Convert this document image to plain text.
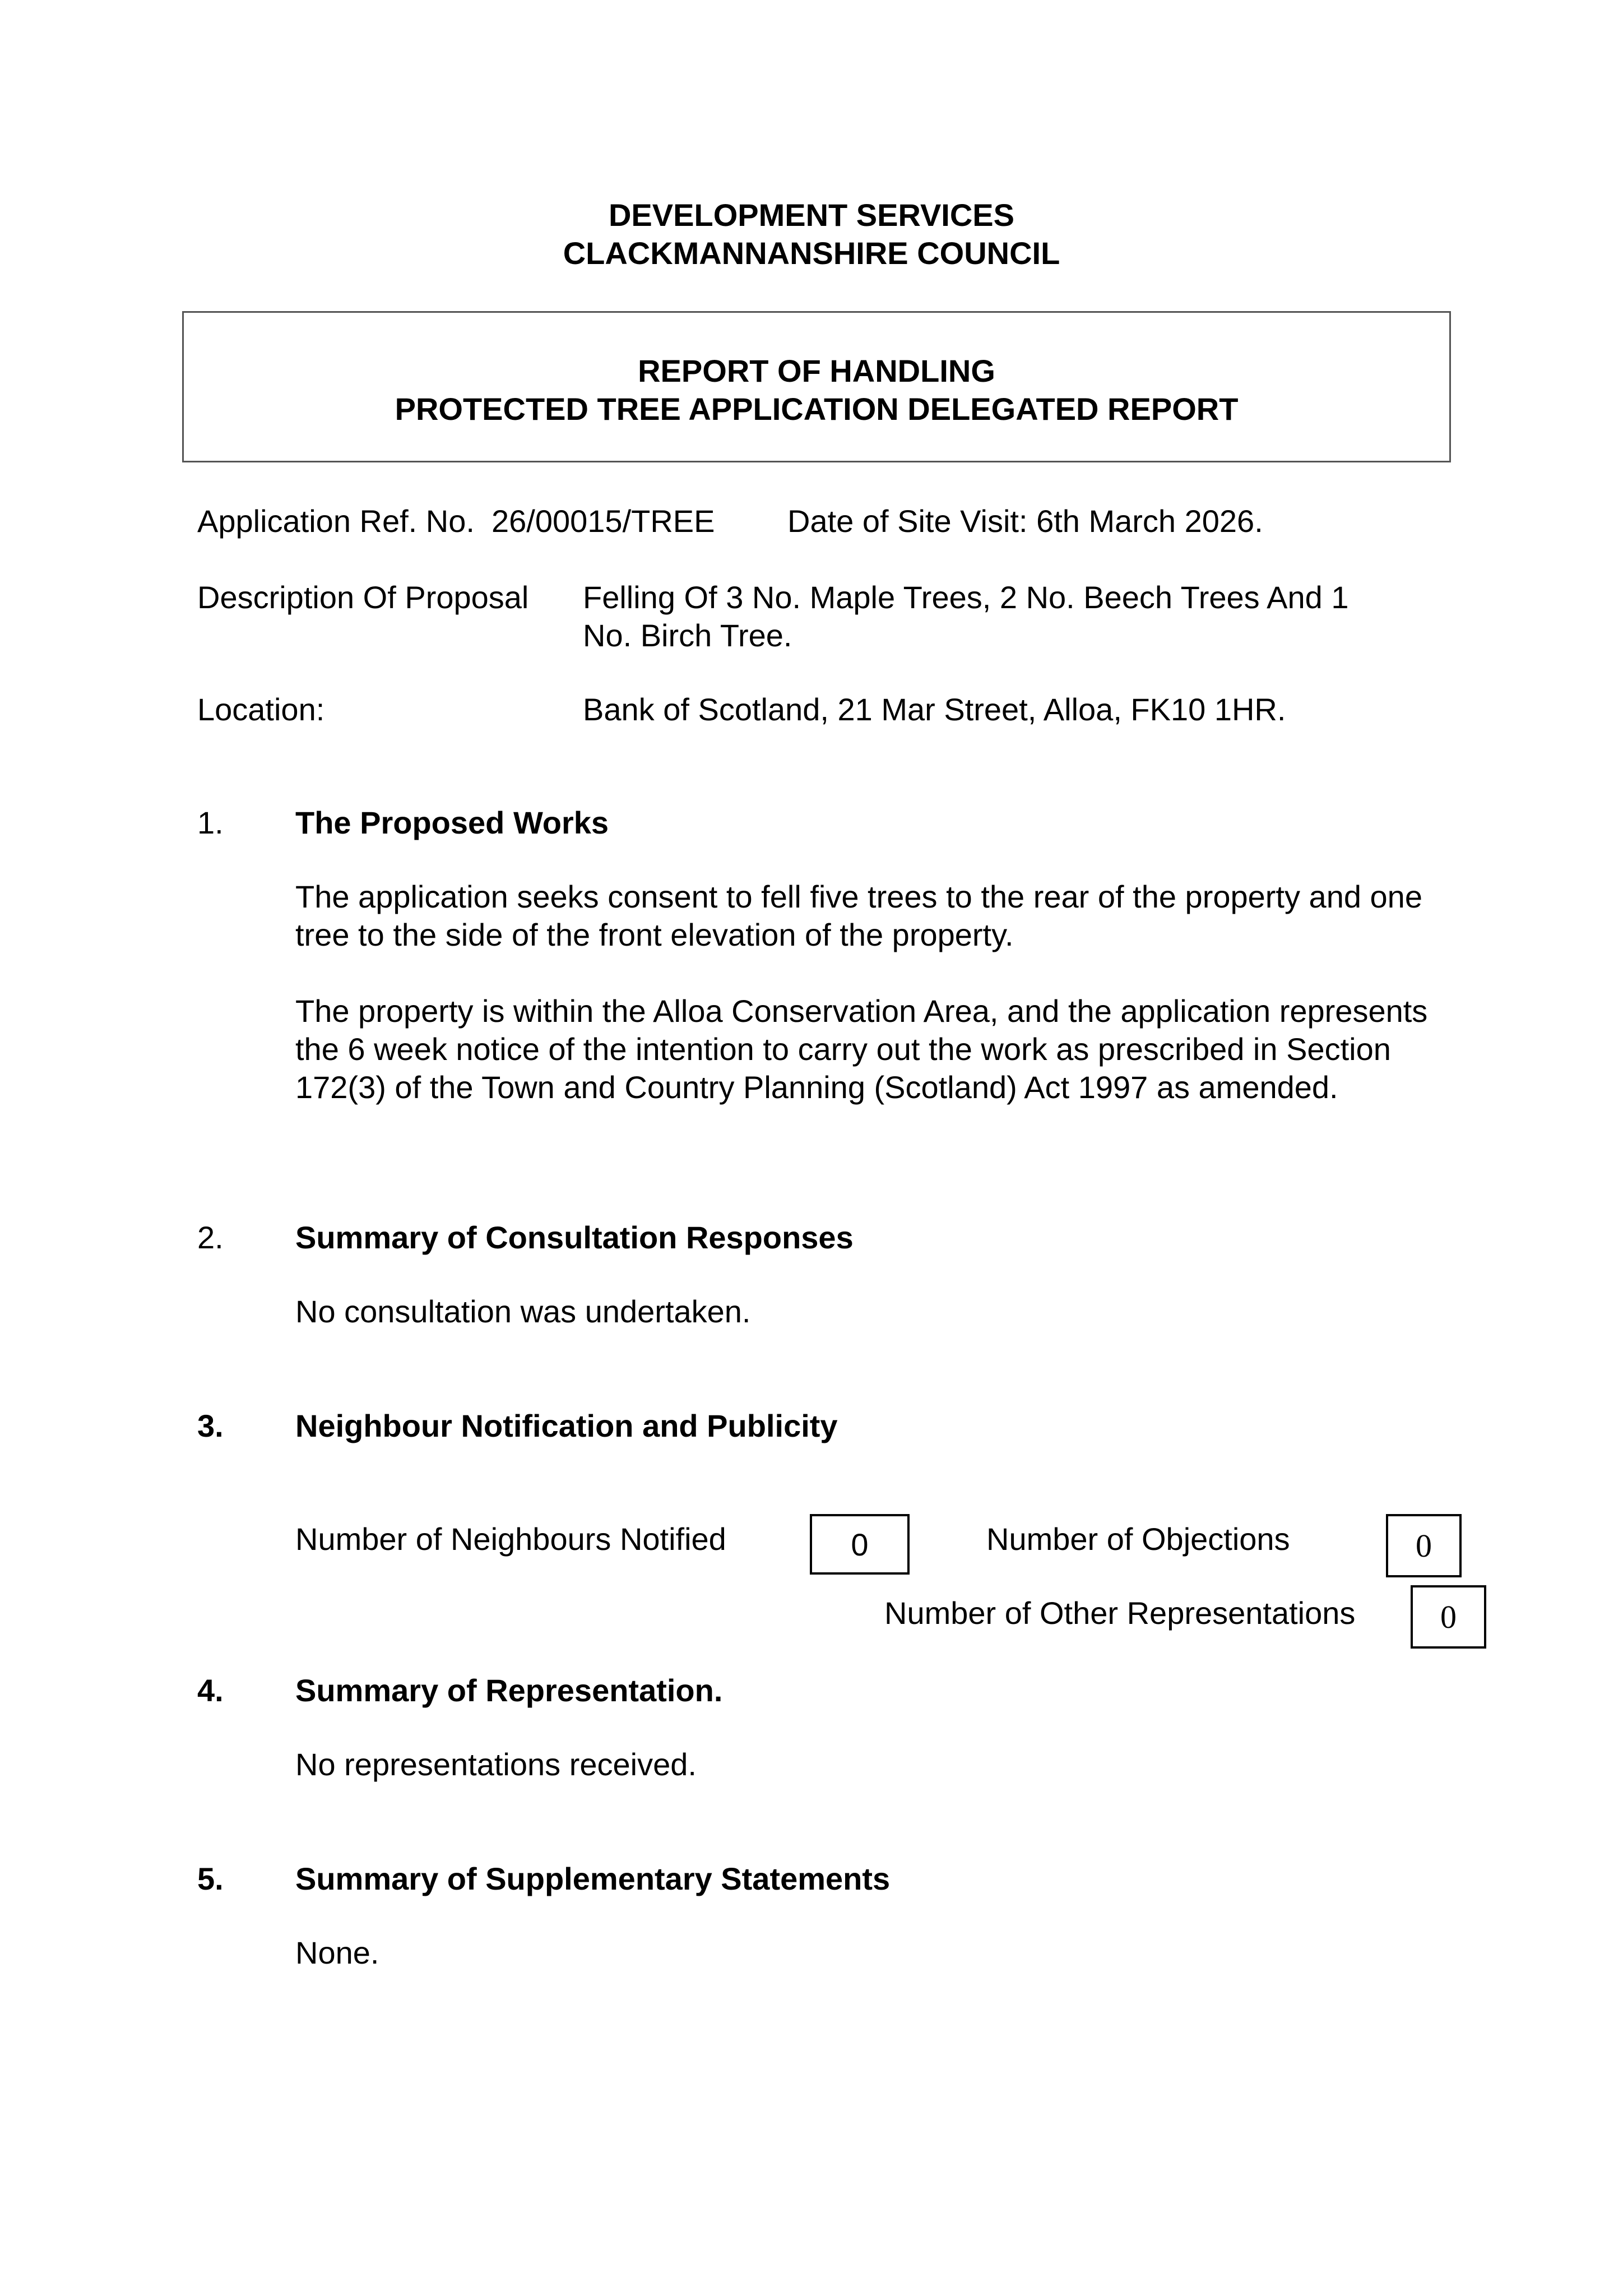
DEVELOPMENT SERVICES
CLACKMANNANSHIRE COUNCIL
REPORT OF HANDLING
PROTECTED TREE APPLICATION DELEGATED REPORT
Application Ref. No. 26/00015/TREE Date of Site Visit: 6th March 2026.
Description Of Proposal Felling Of 3 No. Maple Trees, 2 No. Beech Trees And 1
No. Birch Tree.
Location:	Bank of Scotland, 21 Mar Street, Alloa, FK10 1HR.
1. The Proposed Works
The application seeks consent to fell five trees to the rear of the property and one tree to the side of the front elevation of the property.
The property is within the Alloa Conservation Area, and the application represents the 6 week notice of the intention to carry out the work as prescribed in Section 172(3) of the Town and Country Planning (Scotland) Act 1997 as amended.
2. Summary of Consultation Responses
No consultation was undertaken.
3. Neighbour Notification and Publicity
Number of Neighbours Notified	0	Number of Objections	0
Number of Other Representations	0
4. Summary of Representation.
No representations received.
5. Summary of Supplementary Statements
None.
